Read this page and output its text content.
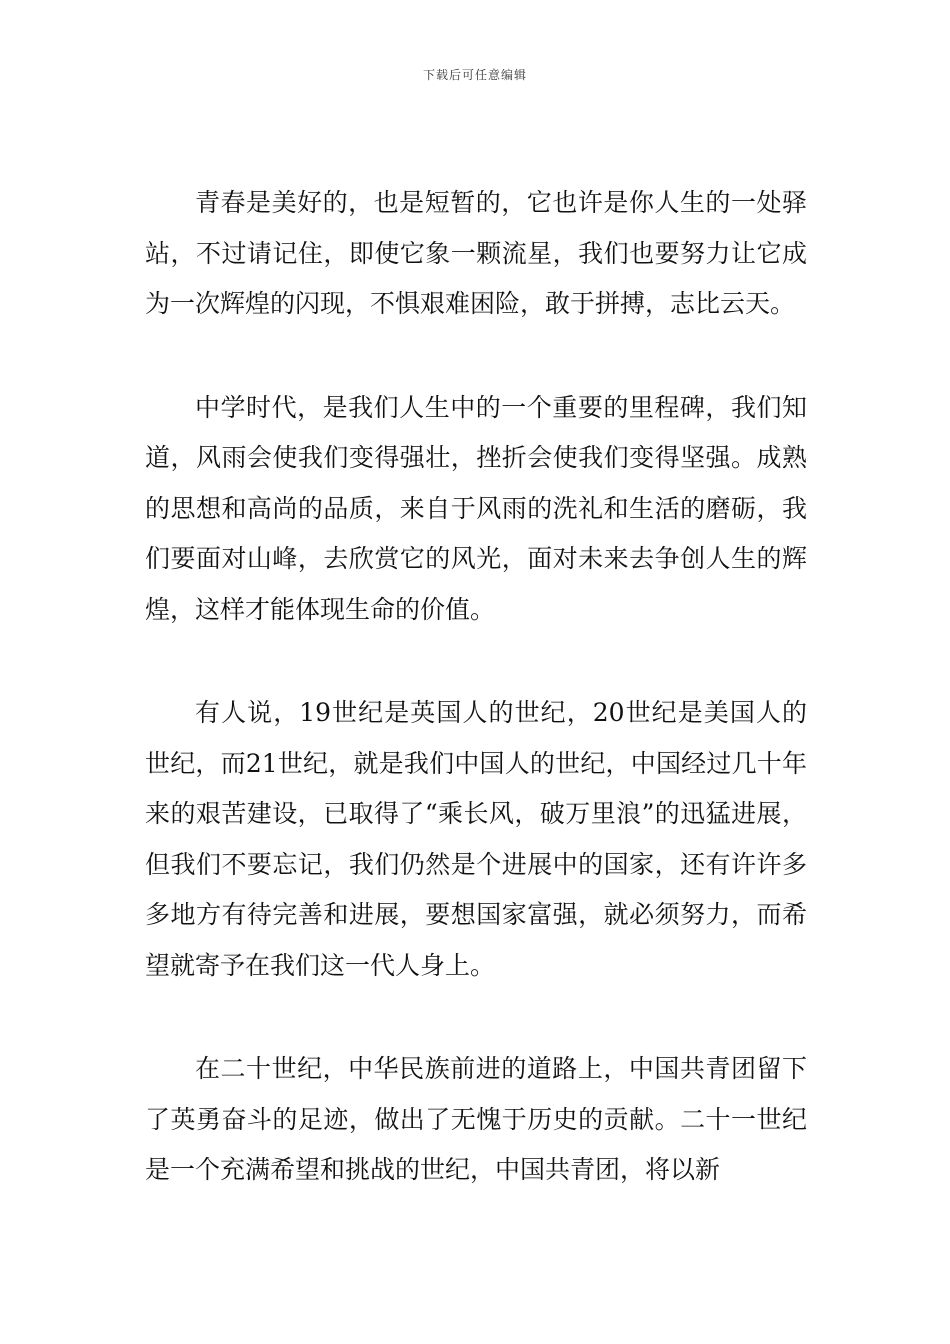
下载后可任意编辑

青春是美好的，也是短暂的，它也许是你人生的一处驿站，不过请记住，即使它象一颗流星，我们也要努力让它成为一次辉煌的闪现，不惧艰难困险，敢于拼搏，志比云天。

中学时代，是我们人生中的一个重要的里程碑，我们知道，风雨会使我们变得强壮，挫折会使我们变得坚强。成熟的思想和高尚的品质，来自于风雨的洗礼和生活的磨砺，我们要面对山峰，去欣赏它的风光，面对未来去争创人生的辉煌，这样才能体现生命的价值。

有人说，19世纪是英国人的世纪，20世纪是美国人的世纪，而21世纪，就是我们中国人的世纪，中国经过几十年来的艰苦建设，已取得了“乘长风，破万里浪”的迅猛进展，但我们不要忘记，我们仍然是个进展中的国家，还有许许多多地方有待完善和进展，要想国家富强，就必须努力，而希望就寄予在我们这一代人身上。

在二十世纪，中华民族前进的道路上，中国共青团留下了英勇奋斗的足迹，做出了无愧于历史的贡献。二十一世纪是一个充满希望和挑战的世纪，中国共青团，将以新
